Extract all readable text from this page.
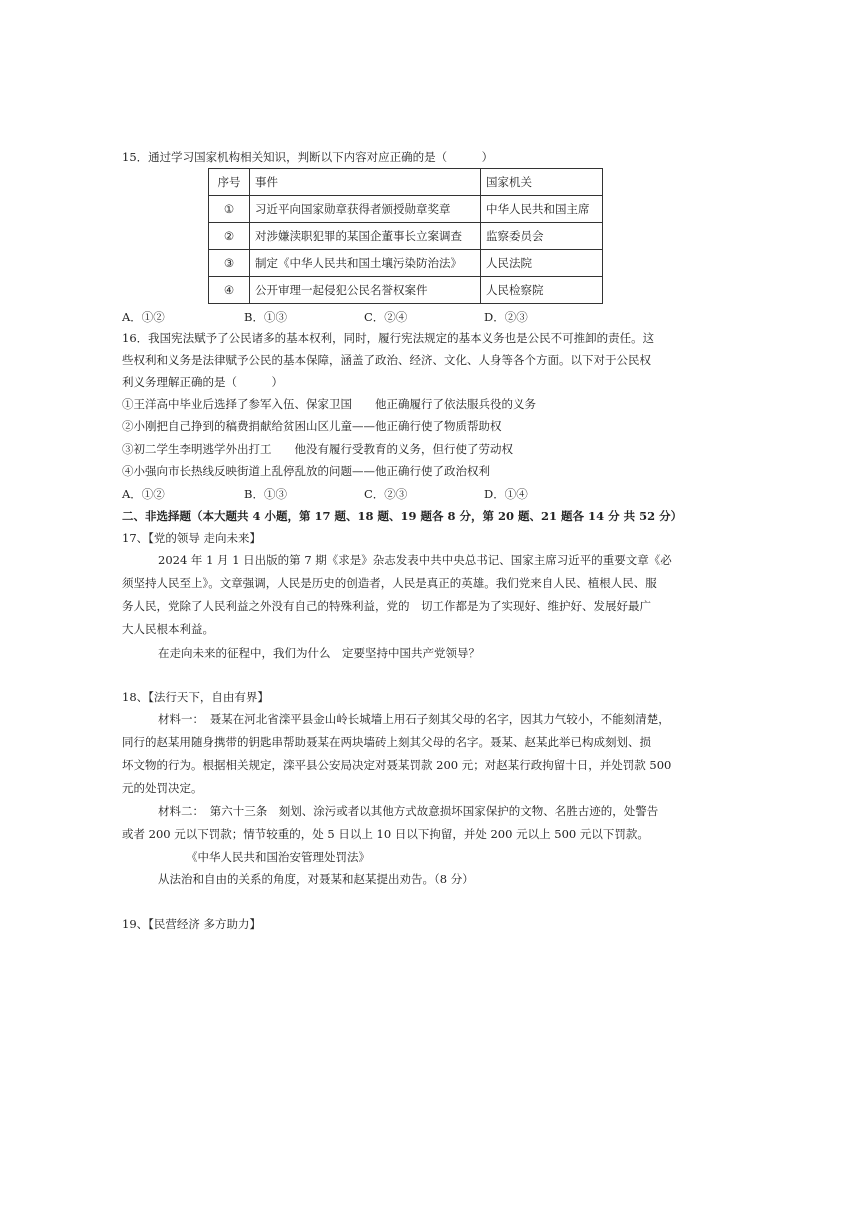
15．通过学习国家机构相关知识，判断以下内容对应正确的是（　　　）
序号	事件	国家机关
①	习近平向国家勋章获得者颁授勋章奖章	中华人民共和国主席
②	对涉嫌渎职犯罪的某国企董事长立案调查	监察委员会
③	制定《中华人民共和国土壤污染防治法》	人民法院
④	公开审理一起侵犯公民名誉权案件	人民检察院
A．①②	B．①③	C．②④	D．②③
16．我国宪法赋予了公民诸多的基本权利，同时，履行宪法规定的基本义务也是公民不可推卸的责任。这
些权利和义务是法律赋予公民的基本保障，涵盖了政治、经济、文化、人身等各个方面。以下对于公民权
利义务理解正确的是（　　　）
①王洋高中毕业后选择了参军入伍、保家卫国　　他正确履行了依法服兵役的义务
②小刚把自己挣到的稿费捐献给贫困山区儿童——他正确行使了物质帮助权
③初二学生李明逃学外出打工　　他没有履行受教育的义务，但行使了劳动权
④小强向市长热线反映街道上乱停乱放的问题——他正确行使了政治权利
A．①②	B．①③	C．②③	D．①④
二、非选择题（本大题共 4 小题，第 17 题、18 题、19 题各 8 分，第 20 题、21 题各 14 分 共 52 分）
17、【党的领导 走向未来】
2024 年 1 月 1 日出版的第 7 期《求是》杂志发表中共中央总书记、国家主席习近平的重要文章《必
须坚持人民至上》。文章强调，人民是历史的创造者，人民是真正的英雄。我们党来自人民、植根人民、服
务人民，党除了人民利益之外没有自己的特殊利益，党的　切工作都是为了实现好、维护好、发展好最广
大人民根本利益。
在走向未来的征程中，我们为什么　定要坚持中国共产党领导？
18、【法行天下，自由有界】
材料一：　聂某在河北省滦平县金山岭长城墙上用石子刻其父母的名字，因其力气较小，不能刻清楚，
同行的赵某用随身携带的钥匙串帮助聂某在两块墙砖上刻其父母的名字。聂某、赵某此举已构成刻划、损
坏文物的行为。根据相关规定，滦平县公安局决定对聂某罚款 200 元；对赵某行政拘留十日，并处罚款 500
元的处罚决定。
材料二：　第六十三条　刻划、涂污或者以其他方式故意损坏国家保护的文物、名胜古迹的，处警告
或者 200 元以下罚款；情节较重的，处 5 日以上 10 日以下拘留，并处 200 元以上 500 元以下罚款。
《中华人民共和国治安管理处罚法》
从法治和自由的关系的角度，对聂某和赵某提出劝告。（8 分）
19、【民营经济 多方助力】
